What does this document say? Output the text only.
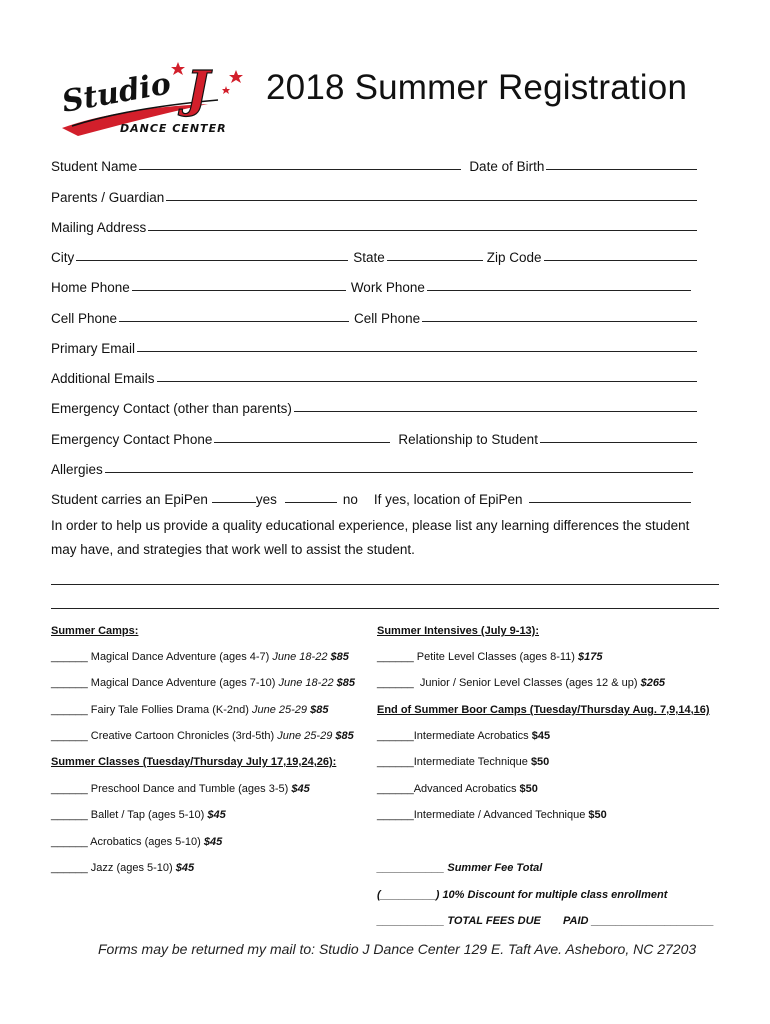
Studio J
DANCE CENTER
2018 Summer Registration
Student Name	Date of Birth
Parents / Guardian
Mailing Address
City	State	Zip Code
Home Phone	Work Phone
Cell Phone	Cell Phone
Primary Email
Additional Emails
Emergency Contact (other than parents)
Emergency Contact Phone	Relationship to Student
Allergies
Student carries an EpiPen	yes	no	If yes, location of EpiPen
In order to help us provide a quality educational experience, please list any learning differences the student may have, and strategies that work well to assist the student.
Summer Camps:
______ Magical Dance Adventure (ages 4-7) June 18-22 $85
______ Magical Dance Adventure (ages 7-10) June 18-22 $85
______ Fairy Tale Follies Drama (K-2nd) June 25-29 $85
______ Creative Cartoon Chronicles (3rd-5th) June 25-29 $85
Summer Classes (Tuesday/Thursday July 17,19,24,26):
______ Preschool Dance and Tumble (ages 3-5) $45
______ Ballet / Tap (ages 5-10) $45
______ Acrobatics (ages 5-10) $45
______ Jazz (ages 5-10) $45
Summer Intensives (July 9-13):
______ Petite Level Classes (ages 8-11) $175
______ Junior / Senior Level Classes (ages 12 & up) $265
End of Summer Boor Camps (Tuesday/Thursday Aug. 7,9,14,16)
______Intermediate Acrobatics $45
______Intermediate Technique $50
______Advanced Acrobatics $50
______Intermediate / Advanced Technique $50
___________ Summer Fee Total
(_________) 10% Discount for multiple class enrollment
___________ TOTAL FEES DUE PAID ____________________
Forms may be returned my mail to: Studio J Dance Center 129 E. Taft Ave. Asheboro, NC 27203
